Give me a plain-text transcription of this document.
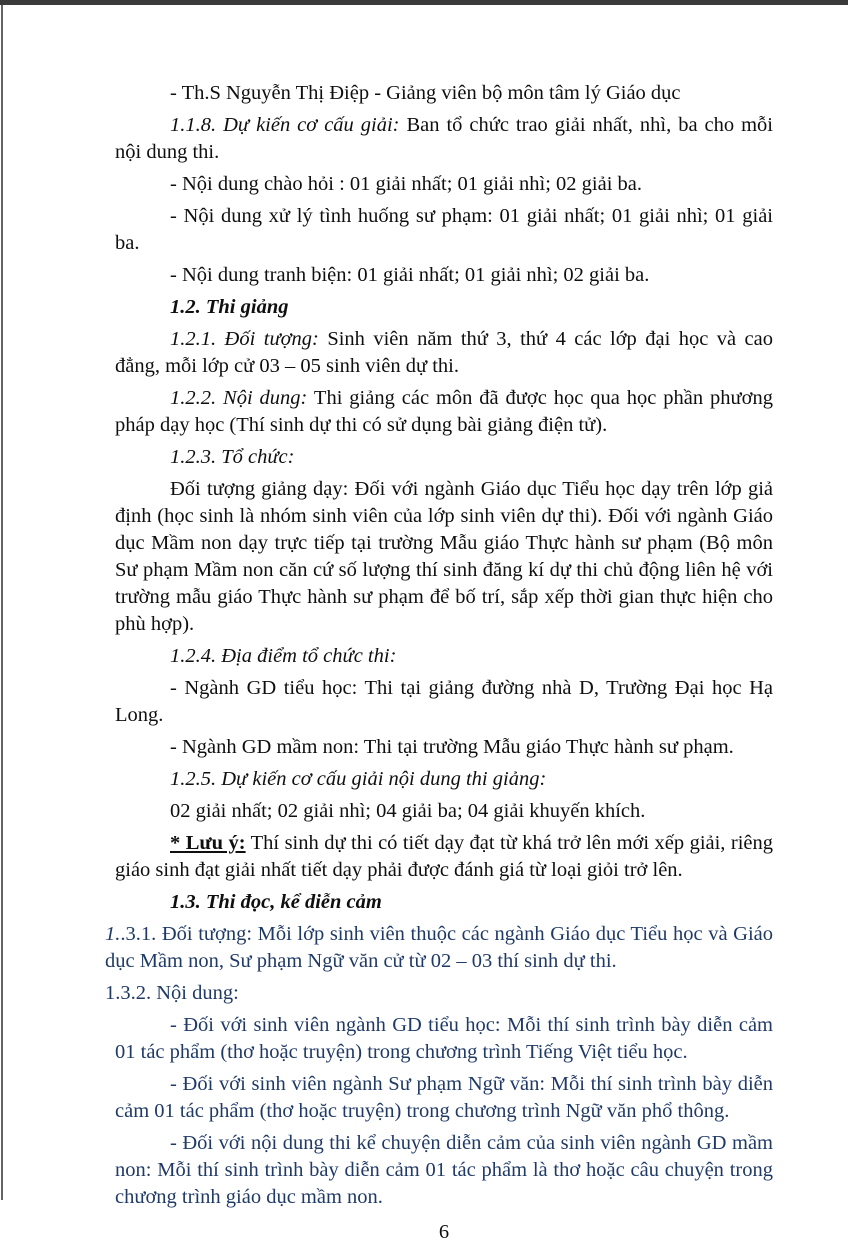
- Th.S Nguyễn Thị Điệp - Giảng viên bộ môn tâm lý Giáo dục

1.1.8. Dự kiến cơ cấu giải: Ban tổ chức trao giải nhất, nhì, ba cho mỗi nội dung thi.

- Nội dung chào hỏi : 01 giải nhất; 01 giải nhì; 02 giải ba.

- Nội dung xử lý tình huống sư phạm: 01 giải nhất; 01 giải nhì; 01 giải ba.

- Nội dung tranh biện: 01 giải nhất; 01 giải nhì; 02 giải ba.

1.2. Thi giảng

1.2.1. Đối tượng: Sinh viên năm thứ 3, thứ 4 các lớp đại học và cao đẳng, mỗi lớp cử 03 – 05 sinh viên dự thi.

1.2.2. Nội dung: Thi giảng các môn đã được học qua học phần phương pháp dạy học (Thí sinh dự thi có sử dụng bài giảng điện tử).

1.2.3. Tổ chức:

Đối tượng giảng dạy: Đối với ngành Giáo dục Tiểu học dạy trên lớp giả định (học sinh là nhóm sinh viên của lớp sinh viên dự thi). Đối với ngành Giáo dục Mầm non dạy trực tiếp tại trường Mẫu giáo Thực hành sư phạm (Bộ môn Sư phạm Mầm non căn cứ số lượng thí sinh đăng kí dự thi chủ động liên hệ với trường mẫu giáo Thực hành sư phạm để bố trí, sắp xếp thời gian thực hiện cho phù hợp).

1.2.4. Địa điểm tổ chức thi:

- Ngành GD tiểu học: Thi tại giảng đường nhà D, Trường Đại học Hạ Long.

- Ngành GD mầm non: Thi tại trường Mẫu giáo Thực hành sư phạm.

1.2.5. Dự kiến cơ cấu giải nội dung thi giảng:

02 giải nhất; 02 giải nhì; 04 giải ba; 04 giải khuyến khích.

* Lưu ý: Thí sinh dự thi có tiết dạy đạt từ khá trở lên mới xếp giải, riêng giáo sinh đạt giải nhất tiết dạy phải được đánh giá từ loại giỏi trở lên.

1.3. Thi đọc, kể diễn cảm

1..3.1. Đối tượng: Mỗi lớp sinh viên thuộc các ngành Giáo dục Tiểu học và Giáo dục Mầm non, Sư phạm Ngữ văn cử từ 02 – 03 thí sinh dự thi.

1.3.2. Nội dung:

- Đối với sinh viên ngành GD tiểu học: Mỗi thí sinh trình bày diễn cảm 01 tác phẩm (thơ hoặc truyện) trong chương trình Tiếng Việt tiểu học.

- Đối với sinh viên ngành Sư phạm Ngữ văn: Mỗi thí sinh trình bày diễn cảm 01 tác phẩm (thơ hoặc truyện) trong chương trình Ngữ văn phổ thông.

- Đối với nội dung thi kể chuyện diễn cảm của sinh viên ngành GD mầm non: Mỗi thí sinh trình bày diễn cảm 01 tác phẩm là thơ hoặc câu chuyện trong chương trình giáo dục mầm non.

6
